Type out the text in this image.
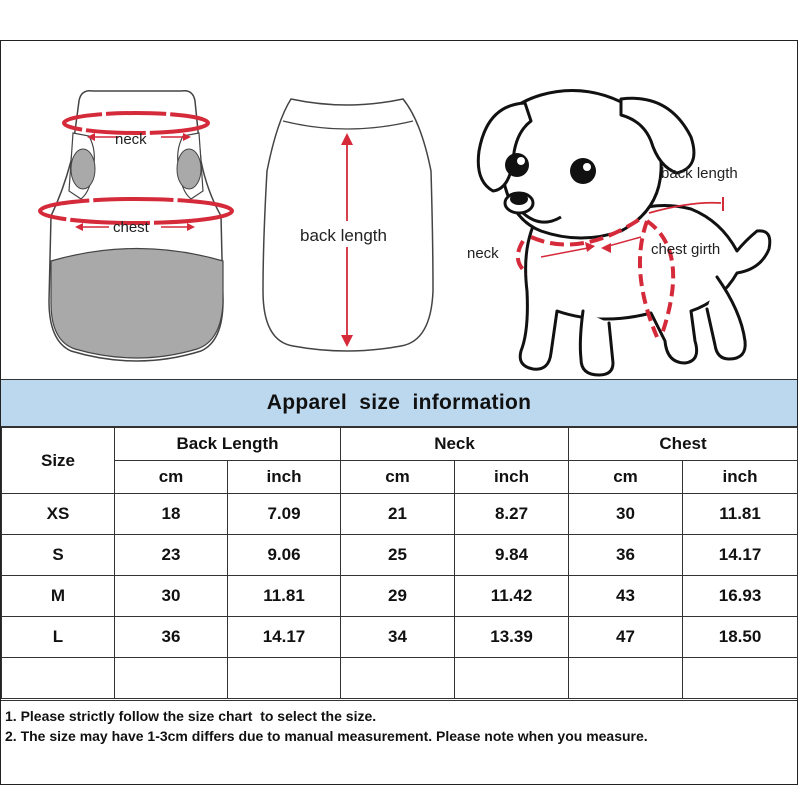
neck
chest	back length
back length
neck	chest girth
Apparel  size  information
Size	Back Length		Neck		Chest	
	cm	inch	cm	inch	cm	inch
XS	18	7.09	21	8.27	30	11.81
S	23	9.06	25	9.84	36	14.17
M	30	11.81	29	11.42	43	16.93
L	36	14.17	34	13.39	47	18.50

1. Please strictly follow the size chart  to select the size.
2. The size may have 1-3cm differs due to manual measurement. Please note when you measure.
